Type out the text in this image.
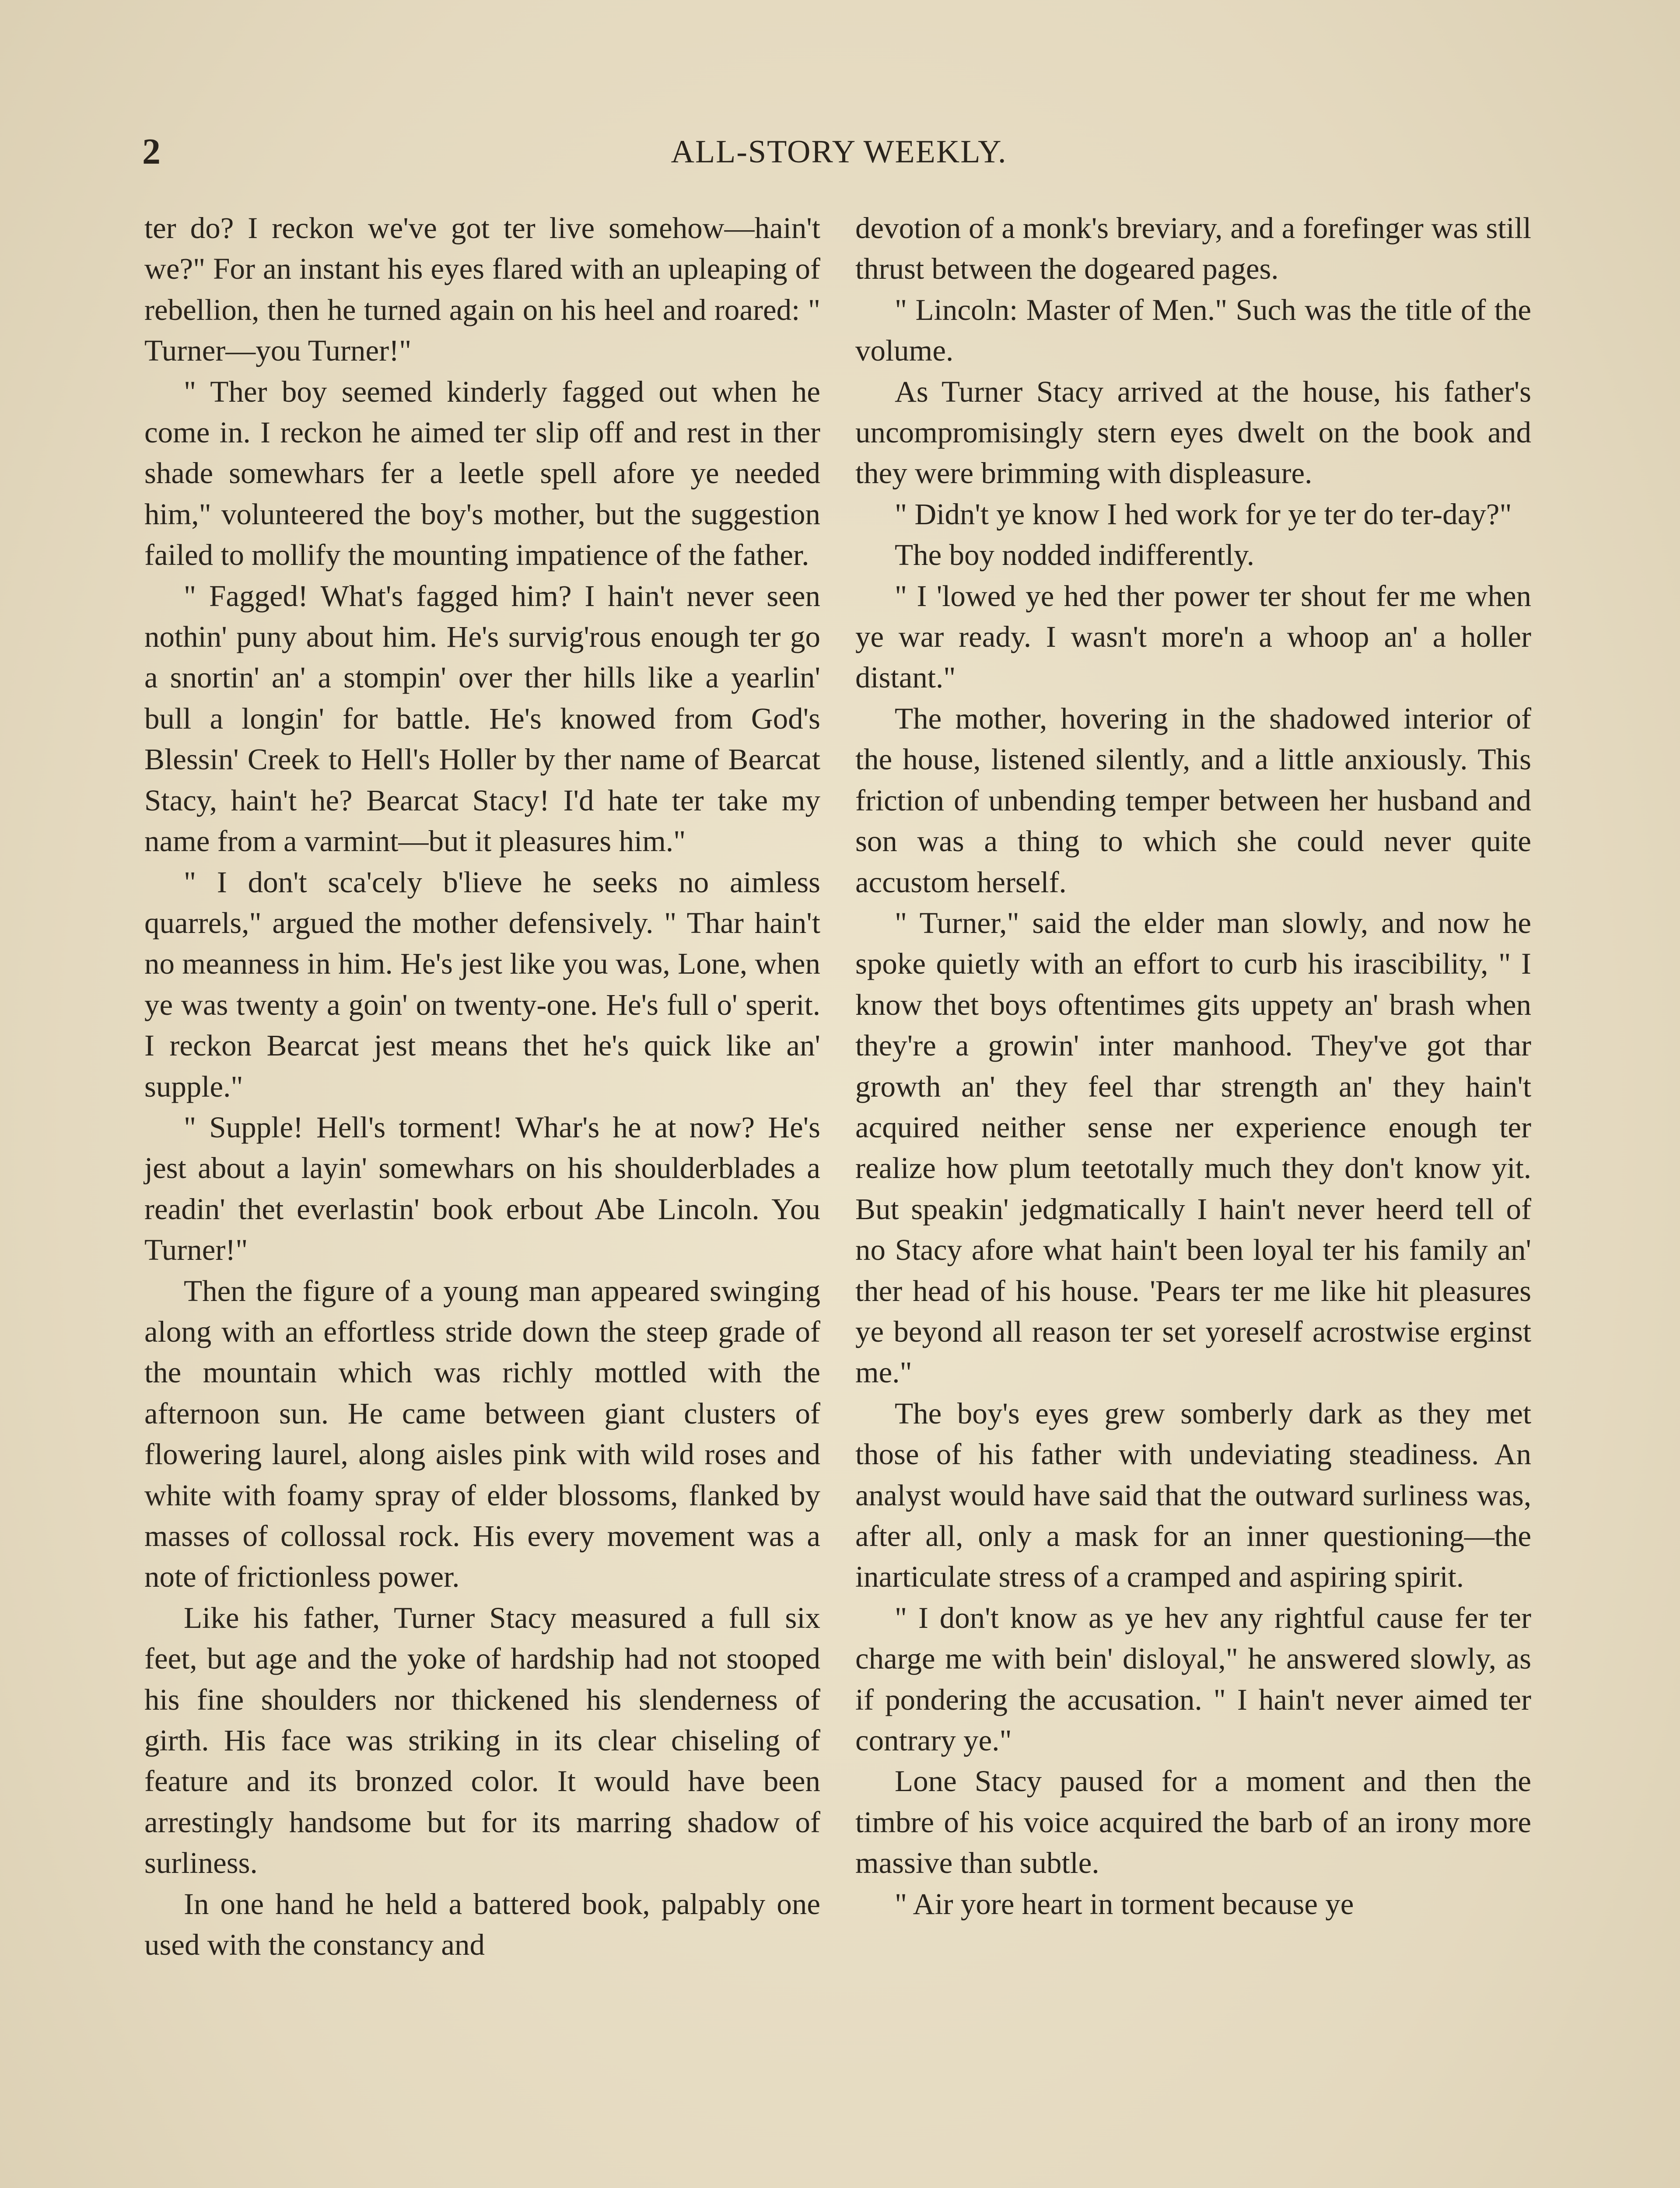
2	ALL-STORY WEEKLY.

ter do? I reckon we've got ter live somehow—hain't we?" For an instant his eyes flared with an upleaping of rebellion, then he turned again on his heel and roared: " Turner—you Turner!"

" Ther boy seemed kinderly fagged out when he come in. I reckon he aimed ter slip off and rest in ther shade somewhars fer a leetle spell afore ye needed him," volunteered the boy's mother, but the suggestion failed to mollify the mounting impatience of the father.

" Fagged! What's fagged him? I hain't never seen nothin' puny about him. He's survig'rous enough ter go a snortin' an' a stompin' over ther hills like a yearlin' bull a longin' for battle. He's knowed from God's Blessin' Creek to Hell's Holler by ther name of Bearcat Stacy, hain't he? Bearcat Stacy! I'd hate ter take my name from a varmint—but it pleasures him."

" I don't sca'cely b'lieve he seeks no aimless quarrels," argued the mother defensively. " Thar hain't no meanness in him. He's jest like you was, Lone, when ye was twenty a goin' on twenty-one. He's full o' sperit. I reckon Bearcat jest means thet he's quick like an' supple."

" Supple! Hell's torment! Whar's he at now? He's jest about a layin' somewhars on his shoulderblades a readin' thet everlastin' book erbout Abe Lincoln. You Turner!"

Then the figure of a young man appeared swinging along with an effortless stride down the steep grade of the mountain which was richly mottled with the afternoon sun. He came between giant clusters of flowering laurel, along aisles pink with wild roses and white with foamy spray of elder blossoms, flanked by masses of collossal rock. His every movement was a note of frictionless power.

Like his father, Turner Stacy measured a full six feet, but age and the yoke of hardship had not stooped his fine shoulders nor thickened his slenderness of girth. His face was striking in its clear chiseling of feature and its bronzed color. It would have been arrestingly handsome but for its marring shadow of surliness.

In one hand he held a battered book, palpably one used with the constancy and

devotion of a monk's breviary, and a forefinger was still thrust between the dogeared pages.

" Lincoln: Master of Men." Such was the title of the volume.

As Turner Stacy arrived at the house, his father's uncompromisingly stern eyes dwelt on the book and they were brimming with displeasure.

" Didn't ye know I hed work for ye ter do ter-day?"

The boy nodded indifferently.

" I 'lowed ye hed ther power ter shout fer me when ye war ready. I wasn't more'n a whoop an' a holler distant."

The mother, hovering in the shadowed interior of the house, listened silently, and a little anxiously. This friction of unbending temper between her husband and son was a thing to which she could never quite accustom herself.

" Turner," said the elder man slowly, and now he spoke quietly with an effort to curb his irascibility, " I know thet boys oftentimes gits uppety an' brash when they're a growin' inter manhood. They've got thar growth an' they feel thar strength an' they hain't acquired neither sense ner experience enough ter realize how plum teetotally much they don't know yit. But speakin' jedgmatically I hain't never heerd tell of no Stacy afore what hain't been loyal ter his family an' ther head of his house. 'Pears ter me like hit pleasures ye beyond all reason ter set yoreself acrostwise erginst me."

The boy's eyes grew somberly dark as they met those of his father with undeviating steadiness. An analyst would have said that the outward surliness was, after all, only a mask for an inner questioning—the inarticulate stress of a cramped and aspiring spirit.

" I don't know as ye hev any rightful cause fer ter charge me with bein' disloyal," he answered slowly, as if pondering the accusation. " I hain't never aimed ter contrary ye."

Lone Stacy paused for a moment and then the timbre of his voice acquired the barb of an irony more massive than subtle.

" Air yore heart in torment because ye
